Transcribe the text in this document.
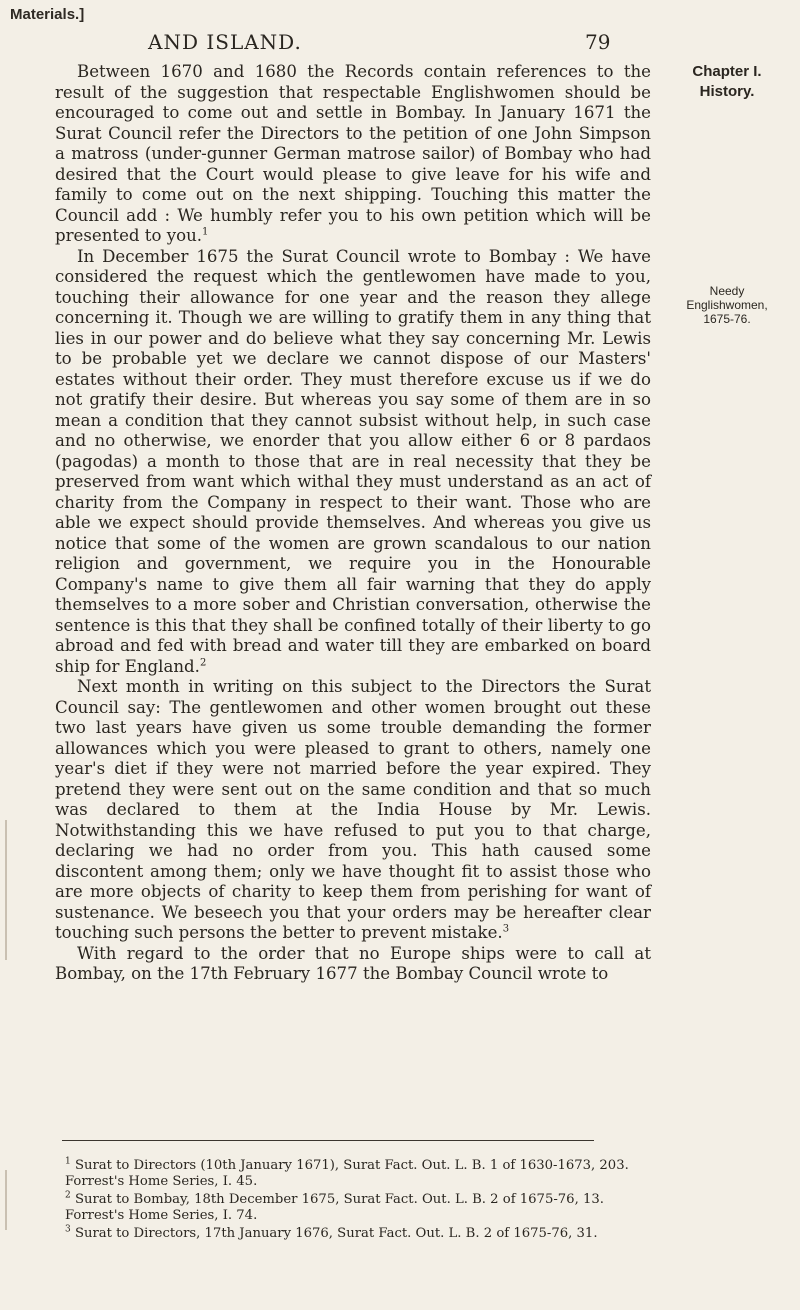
Materials.]
AND ISLAND.	79

Between 1670 and 1680 the Records contain references to the result of the suggestion that respectable Englishwomen should be encouraged to come out and settle in Bombay. In January 1671 the Surat Council refer the Directors to the petition of one John Simpson a matross (under-gunner German matrose sailor) of Bombay who had desired that the Court would please to give leave for his wife and family to come out on the next shipping. Touching this matter the Council add : We humbly refer you to his own petition which will be presented to you.$^1$

In December 1675 the Surat Council wrote to Bombay : We have considered the request which the gentlewomen have made to you, touching their allowance for one year and the reason they allege concerning it. Though we are willing to gratify them in any thing that lies in our power and do believe what they say concerning Mr. Lewis to be probable yet we declare we cannot dispose of our Masters' estates without their order. They must therefore excuse us if we do not gratify their desire. But whereas you say some of them are in so mean a condition that they cannot subsist without help, in such case and no otherwise, we enorder that you allow either 6 or 8 pardaos (pagodas) a month to those that are in real necessity that they be preserved from want which withal they must understand as an act of charity from the Company in respect to their want. Those who are able we expect should provide themselves. And whereas you give us notice that some of the women are grown scandalous to our nation religion and government, we require you in the Honourable Company's name to give them all fair warning that they do apply themselves to a more sober and Christian conversation, otherwise the sentence is this that they shall be confined totally of their liberty to go abroad and fed with bread and water till they are embarked on board ship for England.$^2$

Next month in writing on this subject to the Directors the Surat Council say: The gentlewomen and other women brought out these two last years have given us some trouble demanding the former allowances which you were pleased to grant to others, namely one year's diet if they were not married before the year expired. They pretend they were sent out on the same condition and that so much was declared to them at the India House by Mr. Lewis. Notwithstanding this we have refused to put you to that charge, declaring we had no order from you. This hath caused some discontent among them; only we have thought fit to assist those who are more objects of charity to keep them from perishing for want of sustenance. We beseech you that your orders may be hereafter clear touching such persons the better to prevent mistake.$^3$

With regard to the order that no Europe ships were to call at Bombay, on the 17th February 1677 the Bombay Council wrote to

Chapter I.
History.
Needy
Englishwomen,
1675-76.

$^1$ Surat to Directors (10th January 1671), Surat Fact. Out. L. B. 1 of 1630-1673, 203. Forrest's Home Series, I. 45.

$^2$ Surat to Bombay, 18th December 1675, Surat Fact. Out. L. B. 2 of 1675-76, 13. Forrest's Home Series, I. 74.

$^3$ Surat to Directors, 17th January 1676, Surat Fact. Out. L. B. 2 of 1675-76, 31.
